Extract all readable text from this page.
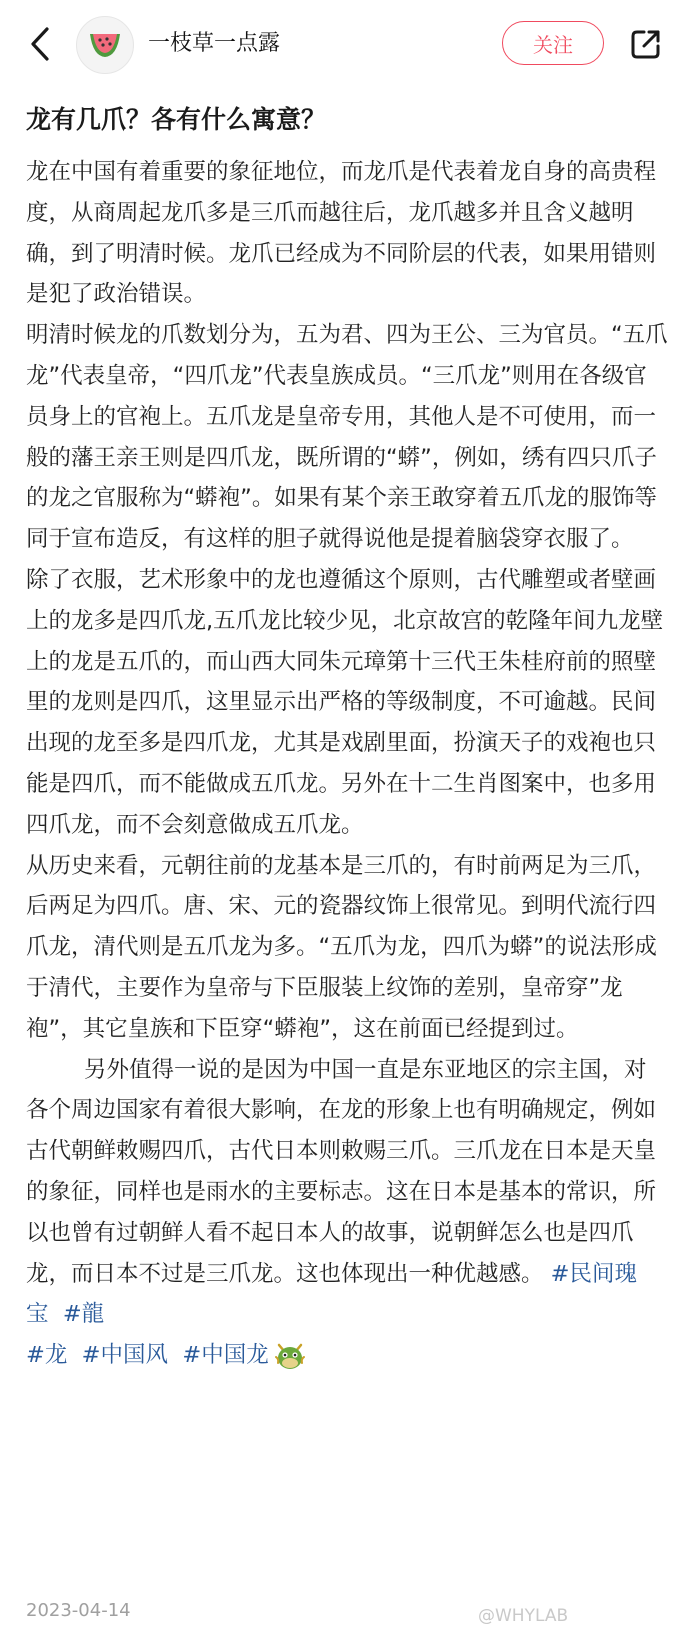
一枝草一点露	关注
龙有几爪？各有什么寓意？

龙在中国有着重要的象征地位，而龙爪是代表着龙自身的高贵程度，从商周起龙爪多是三爪而越往后，龙爪越多并且含义越明确，到了明清时候。龙爪已经成为不同阶层的代表，如果用错则是犯了政治错误。

明清时候龙的爪数划分为，五为君、四为王公、三为官员。“五爪龙”代表皇帝，“四爪龙”代表皇族成员。“三爪龙”则用在各级官员身上的官袍上。五爪龙是皇帝专用，其他人是不可使用，而一般的藩王亲王则是四爪龙，既所谓的“蟒”，例如，绣有四只爪子的龙之官服称为“蟒袍”。如果有某个亲王敢穿着五爪龙的服饰等同于宣布造反，有这样的胆子就得说他是提着脑袋穿衣服了。

除了衣服，艺术形象中的龙也遵循这个原则，古代雕塑或者壁画上的龙多是四爪龙,五爪龙比较少见，北京故宫的乾隆年间九龙壁上的龙是五爪的，而山西大同朱元璋第十三代王朱桂府前的照壁里的龙则是四爪，这里显示出严格的等级制度，不可逾越。民间出现的龙至多是四爪龙，尤其是戏剧里面，扮演天子的戏袍也只能是四爪，而不能做成五爪龙。另外在十二生肖图案中，也多用四爪龙，而不会刻意做成五爪龙。

从历史来看，元朝往前的龙基本是三爪的，有时前两足为三爪，后两足为四爪。唐、宋、元的瓷器纹饰上很常见。到明代流行四爪龙，清代则是五爪龙为多。“五爪为龙，四爪为蟒”的说法形成于清代，主要作为皇帝与下臣服装上纹饰的差别，皇帝穿”龙袍”，其它皇族和下臣穿“蟒袍”，这在前面已经提到过。

另外值得一说的是因为中国一直是东亚地区的宗主国，对各个周边国家有着很大影响，在龙的形象上也有明确规定，例如古代朝鲜敕赐四爪，古代日本则敕赐三爪。三爪龙在日本是天皇的象征，同样也是雨水的主要标志。这在日本是基本的常识，所以也曾有过朝鲜人看不起日本人的故事，说朝鲜怎么也是四爪龙，而日本不过是三爪龙。这也体现出一种优越感。 #民间瑰宝 #龍

#龙 #中国风 #中国龙

2023-04-14	@WHYLAB
